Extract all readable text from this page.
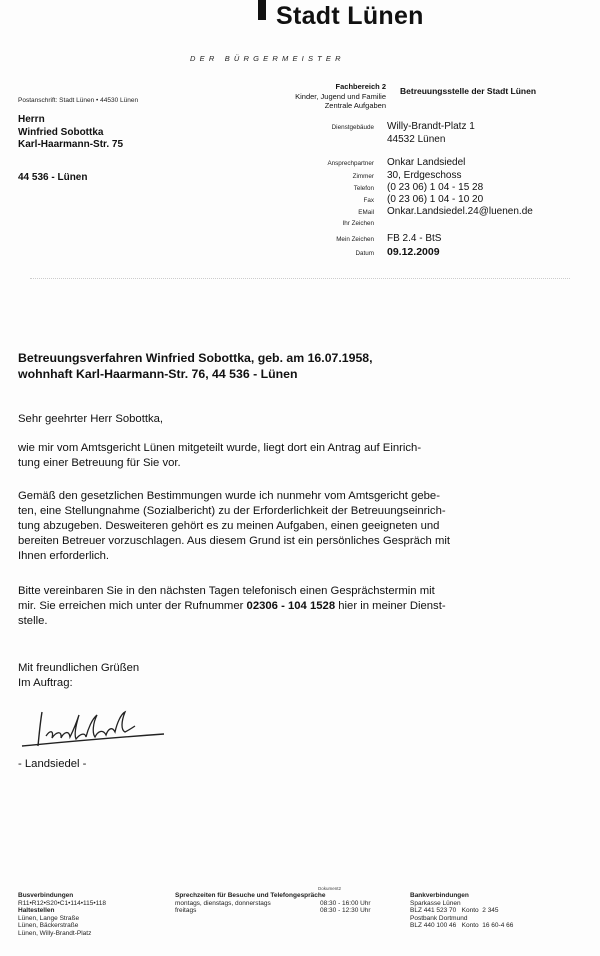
Stadt Lünen
DER BÜRGERMEISTER
Postanschrift: Stadt Lünen • 44530 Lünen
Herrn
Winfried Sobottka
Karl-Haarmann-Str. 75
44 536 - Lünen
Fachbereich 2
Kinder, Jugend und Familie
Zentrale Aufgaben
Betreuungsstelle der Stadt Lünen
Dienstgebäude	Willy-Brandt-Platz 1
44532 Lünen
Ansprechpartner	Onkar Landsiedel
Zimmer	30, Erdgeschoss
Telefon	(0 23 06) 1 04 - 15 28
Fax	(0 23 06) 1 04 - 10 20
EMail	Onkar.Landsiedel.24@luenen.de
Ihr Zeichen
Mein Zeichen	FB 2.4 - BtS
Datum	09.12.2009
Betreuungsverfahren Winfried Sobottka, geb. am 16.07.1958,
wohnhaft Karl-Haarmann-Str. 76, 44 536 - Lünen
Sehr geehrter Herr Sobottka,
wie mir vom Amtsgericht Lünen mitgeteilt wurde, liegt dort ein Antrag auf Einrich-
tung einer Betreuung für Sie vor.
Gemäß den gesetzlichen Bestimmungen wurde ich nunmehr vom Amtsgericht gebe-
ten, eine Stellungnahme (Sozialbericht) zu der Erforderlichkeit der Betreuungseinrich-
tung abzugeben. Desweiteren gehört es zu meinen Aufgaben, einen geeigneten und
bereiten Betreuer vorzuschlagen. Aus diesem Grund ist ein persönliches Gespräch mit
Ihnen erforderlich.
Bitte vereinbaren Sie in den nächsten Tagen telefonisch einen Gesprächstermin mit
mir. Sie erreichen mich unter der Rufnummer 02306 - 104 1528 hier in meiner Dienst-
stelle.
Mit freundlichen Grüßen
Im Auftrag:
- Landsiedel -
Dokument2
Busverbindungen
R11•R12•S20•C1•114•115•118
Haltestellen
Lünen, Lange Straße
Lünen, Bäckerstraße
Lünen, Willy-Brandt-Platz
Sprechzeiten für Besuche und Telefongespräche
montags, dienstags, donnerstags	08:30 - 16:00 Uhr
freitags	08:30 - 12:30 Uhr
Bankverbindungen
Sparkasse Lünen
BLZ 441 523 70   Konto  2 345
Postbank Dortmund
BLZ 440 100 46   Konto  16 60-4 66
